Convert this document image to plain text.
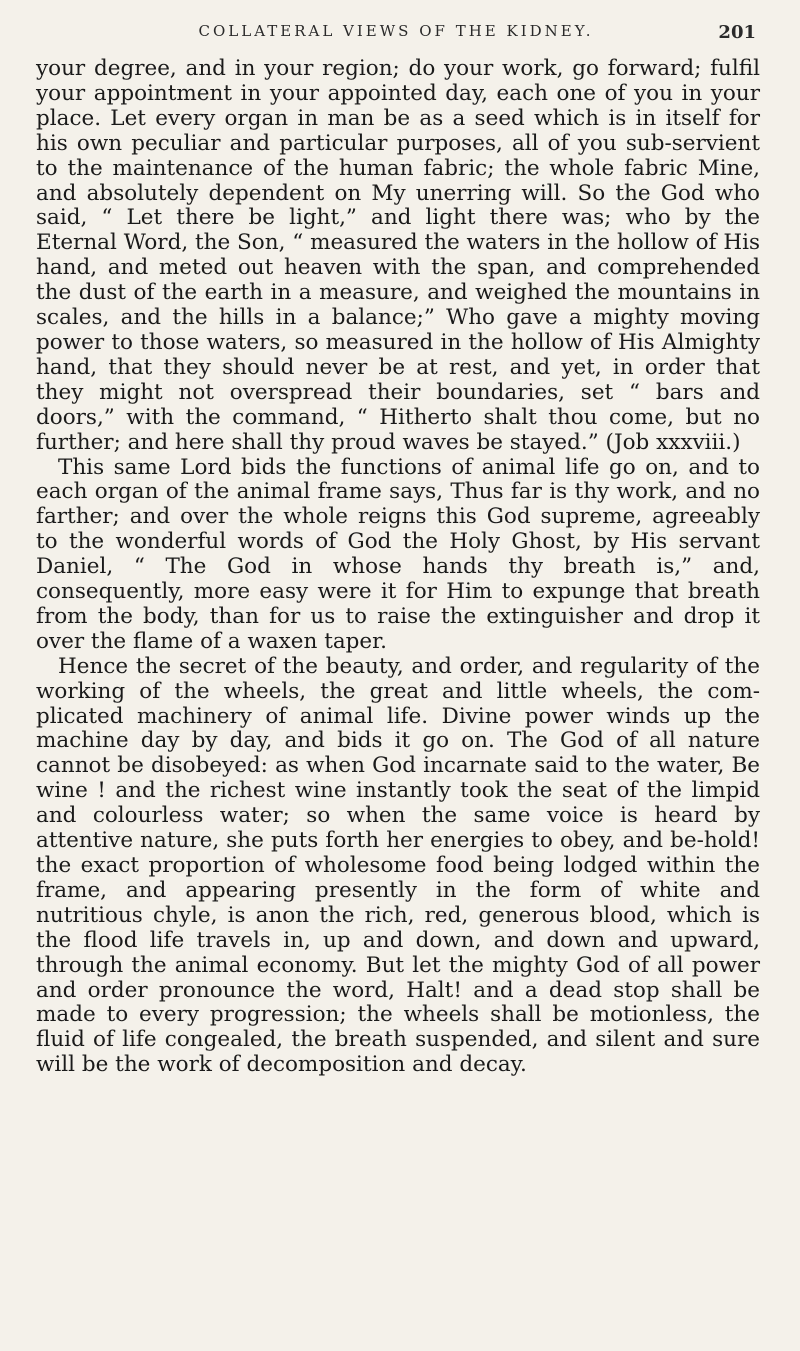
COLLATERAL VIEWS OF THE KIDNEY.	201

your degree, and in your region; do your work, go forward; fulfil your appointment in your appointed day, each one of you in your place. Let every organ in man be as a seed which is in itself for his own peculiar and particular purposes, all of you sub-servient to the maintenance of the human fabric; the whole fabric Mine, and absolutely dependent on My unerring will. So the God who said, “ Let there be light,” and light there was; who by the Eternal Word, the Son, “ measured the waters in the hollow of His hand, and meted out heaven with the span, and comprehended the dust of the earth in a measure, and weighed the mountains in scales, and the hills in a balance;” Who gave a mighty moving power to those waters, so measured in the hollow of His Almighty hand, that they should never be at rest, and yet, in order that they might not overspread their boundaries, set “ bars and doors,” with the command, “ Hitherto shalt thou come, but no further; and here shall thy proud waves be stayed.” (Job xxxviii.)

This same Lord bids the functions of animal life go on, and to each organ of the animal frame says, Thus far is thy work, and no farther; and over the whole reigns this God supreme, agreeably to the wonderful words of God the Holy Ghost, by His servant Daniel, “ The God in whose hands thy breath is,” and, consequently, more easy were it for Him to expunge that breath from the body, than for us to raise the extinguisher and drop it over the flame of a waxen taper.

Hence the secret of the beauty, and order, and regularity of the working of the wheels, the great and little wheels, the com-plicated machinery of animal life. Divine power winds up the machine day by day, and bids it go on. The God of all nature cannot be disobeyed: as when God incarnate said to the water, Be wine ! and the richest wine instantly took the seat of the limpid and colourless water; so when the same voice is heard by attentive nature, she puts forth her energies to obey, and be-hold! the exact proportion of wholesome food being lodged within the frame, and appearing presently in the form of white and nutritious chyle, is anon the rich, red, generous blood, which is the flood life travels in, up and down, and down and upward, through the animal economy. But let the mighty God of all power and order pronounce the word, Halt! and a dead stop shall be made to every progression; the wheels shall be motionless, the fluid of life congealed, the breath suspended, and silent and sure will be the work of decomposition and decay.
